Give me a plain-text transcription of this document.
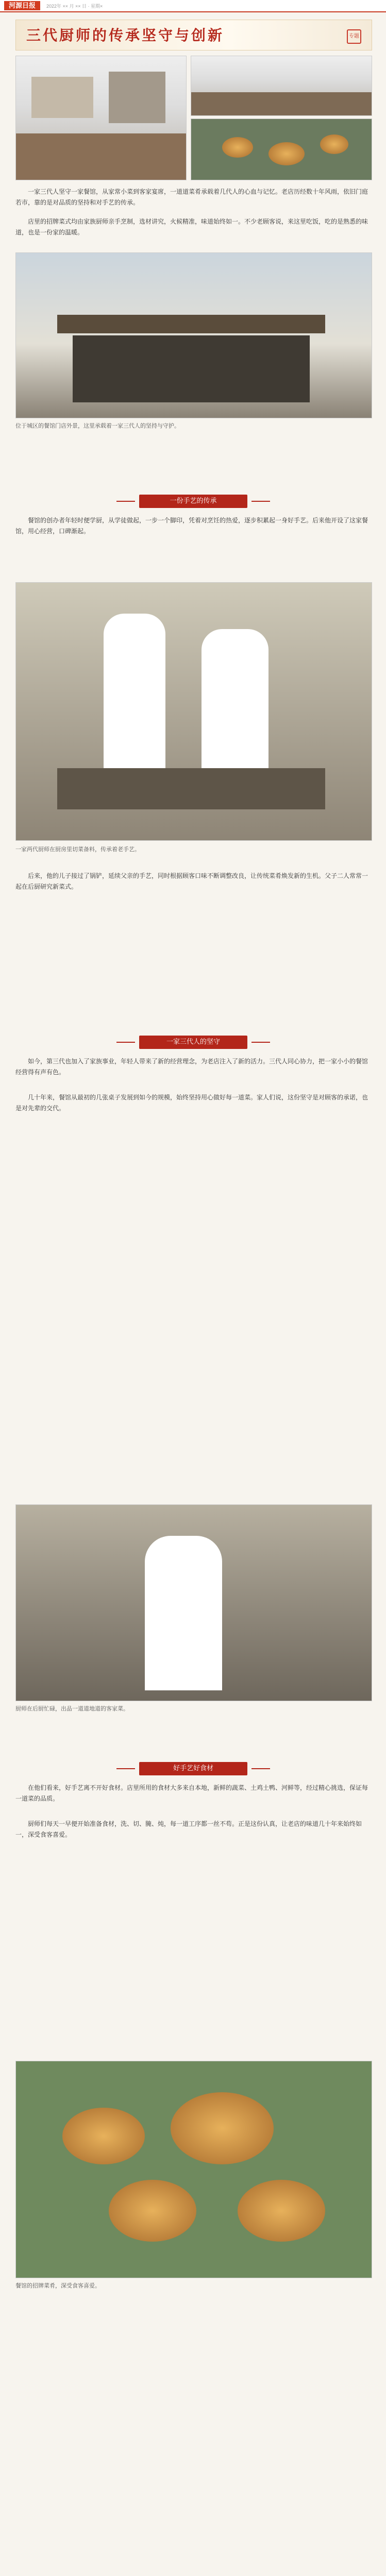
河源日报	2022年 ×× 月 ×× 日 · 星期×
三代厨师的传承坚守与创新	专题

一家三代人坚守一家餐馆，从家常小菜到客家宴席，一道道菜肴承载着几代人的心血与记忆。老店历经数十年风雨，依旧门庭若市，靠的是对品质的坚持和对手艺的传承。

店里的招牌菜式均由家族厨师亲手烹制，选材讲究，火候精准，味道始终如一。不少老顾客说，来这里吃饭，吃的是熟悉的味道，也是一份家的温暖。

位于城区的餐馆门店外景，这里承载着一家三代人的坚持与守护。
一份手艺的传承

餐馆的创办者年轻时便学厨，从学徒做起，一步一个脚印，凭着对烹饪的热爱，逐步积累起一身好手艺。后来他开设了这家餐馆，用心经营，口碑渐起。

一家两代厨师在厨房里切菜备料，传承着老手艺。

后来，他的儿子接过了锅铲，延续父亲的手艺，同时根据顾客口味不断调整改良，让传统菜肴焕发新的生机。父子二人常常一起在后厨研究新菜式。

一家三代人的坚守

如今，第三代也加入了家族事业，年轻人带来了新的经营理念，为老店注入了新的活力。三代人同心协力，把一家小小的餐馆经营得有声有色。

几十年来，餐馆从最初的几张桌子发展到如今的规模，始终坚持用心做好每一道菜。家人们说，这份坚守是对顾客的承诺，也是对先辈的交代。

厨师在后厨忙碌，出品一道道地道的客家菜。
好手艺好食材

在他们看来，好手艺离不开好食材。店里所用的食材大多来自本地，新鲜的蔬菜、土鸡土鸭、河鲜等，经过精心挑选，保证每一道菜的品质。

厨师们每天一早便开始准备食材，洗、切、腌、炖，每一道工序都一丝不苟。正是这份认真，让老店的味道几十年来始终如一，深受食客喜爱。

餐馆的招牌菜肴，深受食客喜爱。
